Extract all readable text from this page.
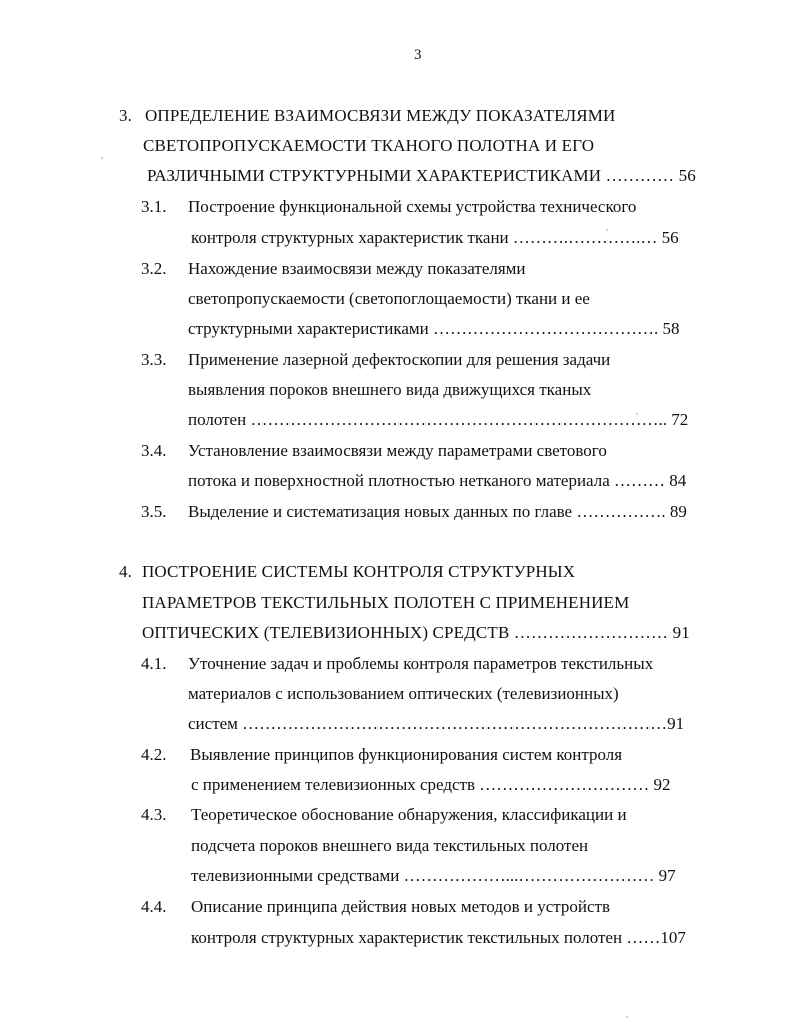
3
3. ОПРЕДЕЛЕНИЕ ВЗАИМОСВЯЗИ МЕЖДУ ПОКАЗАТЕЛЯМИ
СВЕТОПРОПУСКАЕМОСТИ ТКАНОГО ПОЛОТНА И ЕГО
РАЗЛИЧНЫМИ СТРУКТУРНЫМИ ХАРАКТЕРИСТИКАМИ ………… 56
3.1. Построение функциональной схемы устройства технического
контроля структурных характеристик ткани ……….………….… 56
3.2. Нахождение взаимосвязи между показателями
светопропускаемости (светопоглощаемости) ткани и ее
структурными характеристиками …………………………………. 58
3.3. Применение лазерной дефектоскопии для решения задачи
выявления пороков внешнего вида движущихся тканых
полотен ……………………………………………………………….. 72
3.4. Установление взаимосвязи между параметрами светового
потока и поверхностной плотностью нетканого материала ……… 84
3.5. Выделение и систематизация новых данных по главе ……………. 89
4. ПОСТРОЕНИЕ СИСТЕМЫ КОНТРОЛЯ СТРУКТУРНЫХ
ПАРАМЕТРОВ ТЕКСТИЛЬНЫХ ПОЛОТЕН С ПРИМЕНЕНИЕМ
ОПТИЧЕСКИХ (ТЕЛЕВИЗИОННЫХ) СРЕДСТВ ……………………… 91
4.1. Уточнение задач и проблемы контроля параметров текстильных
материалов с использованием оптических (телевизионных)
систем …………………………………………………………………91
4.2. Выявление принципов функционирования систем контроля
с применением телевизионных средств ………………………… 92
4.3. Теоретическое обоснование обнаружения, классификации и
подсчета пороков внешнего вида текстильных полотен
телевизионными средствами ………………...…………………… 97
4.4. Описание принципа действия новых методов и устройств
контроля структурных характеристик текстильных полотен ……107
